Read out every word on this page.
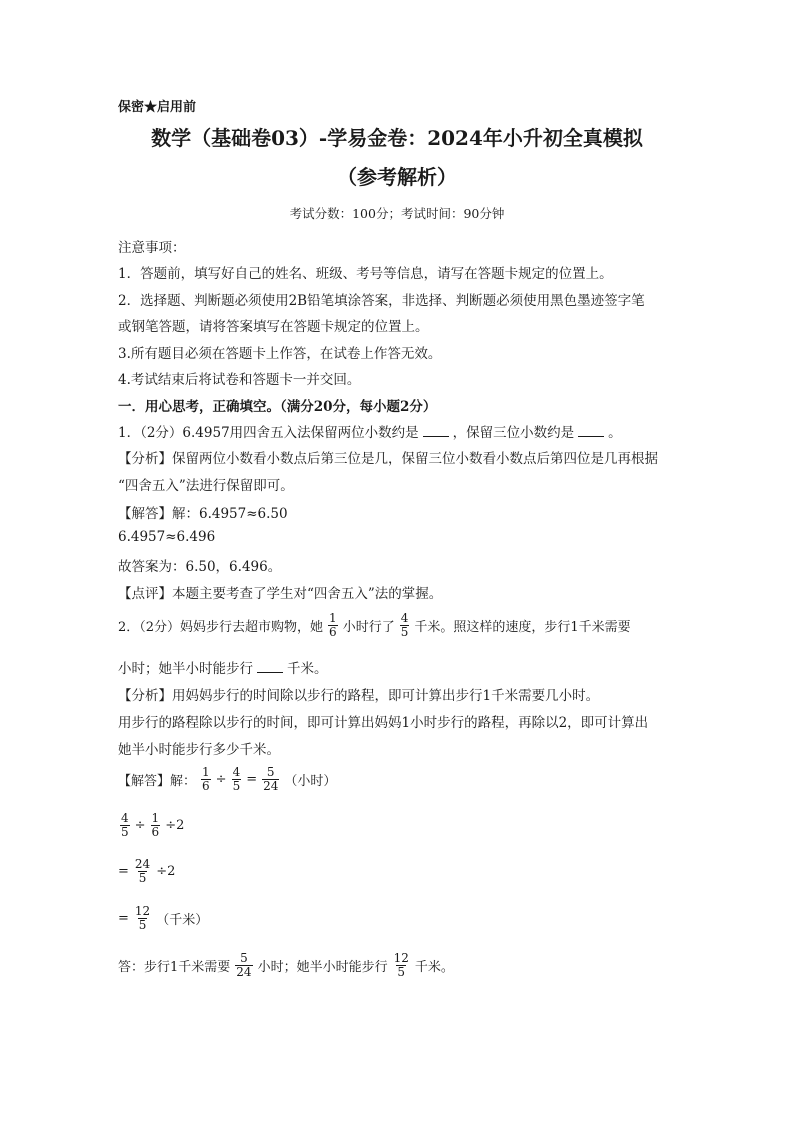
保密★启用前
数学（基础卷03）-学易金卷：2024年小升初全真模拟
（参考解析）
考试分数：100分；考试时间：90分钟
注意事项：
1．答题前，填写好自己的姓名、班级、考号等信息，请写在答题卡规定的位置上。
2．选择题、判断题必须使用2B铅笔填涂答案，非选择、判断题必须使用黑色墨迹签字笔
或钢笔答题，请将答案填写在答题卡规定的位置上。
3.所有题目必须在答题卡上作答，在试卷上作答无效。
4.考试结束后将试卷和答题卡一并交回。
一．用心思考，正确填空。（满分20分，每小题2分）
1．（2分）6.4957用四舍五入法保留两位小数约是	，保留三位小数约是	。
【分析】保留两位小数看小数点后第三位是几，保留三位小数看小数点后第四位是几再根据
“四舍五入”法进行保留即可。
【解答】解：6.4957≈6.50
6.4957≈6.496
故答案为：6.50，6.496。
【点评】本题主要考查了学生对“四舍五入”法的掌握。
2．（2分）妈妈步行去超市购物，她 $\frac{1}{6}$ 小时行了 $\frac{4}{5}$ 千米。照这样的速度，步行1千米需要
小时；她半小时能步行	千米。
【分析】用妈妈步行的时间除以步行的路程，即可计算出步行1千米需要几小时。
用步行的路程除以步行的时间，即可计算出妈妈1小时步行的路程，再除以2，即可计算出
她半小时能步行多少千米。
【解答】解： $\frac{1}{6} \div \frac{4}{5} = \frac{5}{24}$ （小时）
$\frac{4}{5} \div \frac{1}{6} \div 2$
= $\frac{24}{5} \div 2$
= $\frac{12}{5}$ （千米）
答：步行1千米需要 $\frac{5}{24}$ 小时；她半小时能步行 $\frac{12}{5}$ 千米。
